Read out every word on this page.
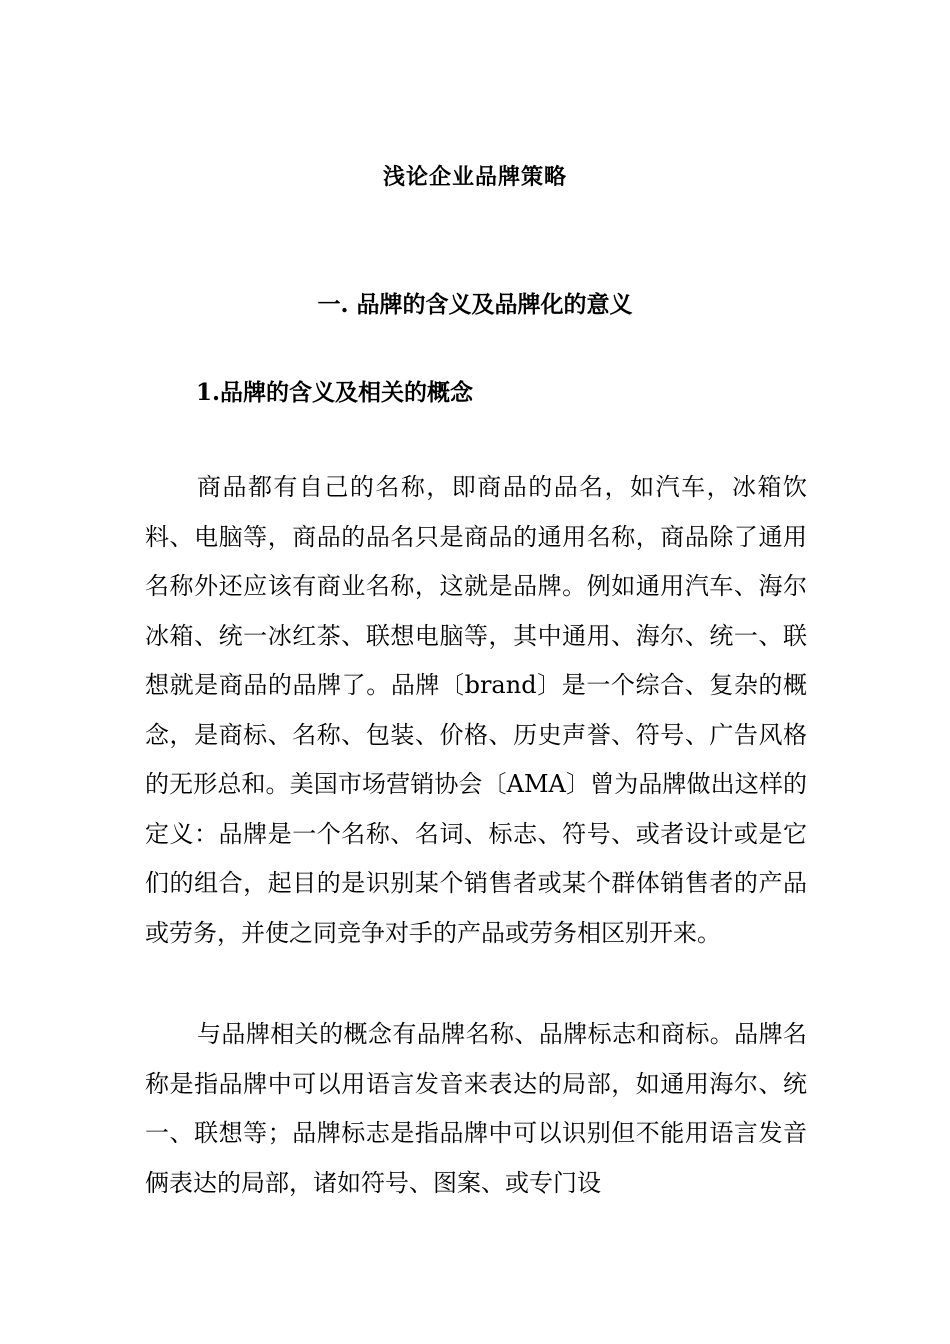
浅论企业品牌策略
一. 品牌的含义及品牌化的意义
1.品牌的含义及相关的概念

商品都有自己的名称，即商品的品名，如汽车，冰箱饮料、电脑等，商品的品名只是商品的通用名称，商品除了通用名称外还应该有商业名称，这就是品牌。例如通用汽车、海尔冰箱、统一冰红茶、联想电脑等，其中通用、海尔、统一、联想就是商品的品牌了。品牌〔brand〕是一个综合、复杂的概念，是商标、名称、包装、价格、历史声誉、符号、广告风格的无形总和。美国市场营销协会〔AMA〕曾为品牌做出这样的定义：品牌是一个名称、名词、标志、符号、或者设计或是它们的组合，起目的是识别某个销售者或某个群体销售者的产品或劳务，并使之同竞争对手的产品或劳务相区别开来。

与品牌相关的概念有品牌名称、品牌标志和商标。品牌名称是指品牌中可以用语言发音来表达的局部，如通用海尔、统一、联想等；品牌标志是指品牌中可以识别但不能用语言发音俩表达的局部，诸如符号、图案、或专门设
